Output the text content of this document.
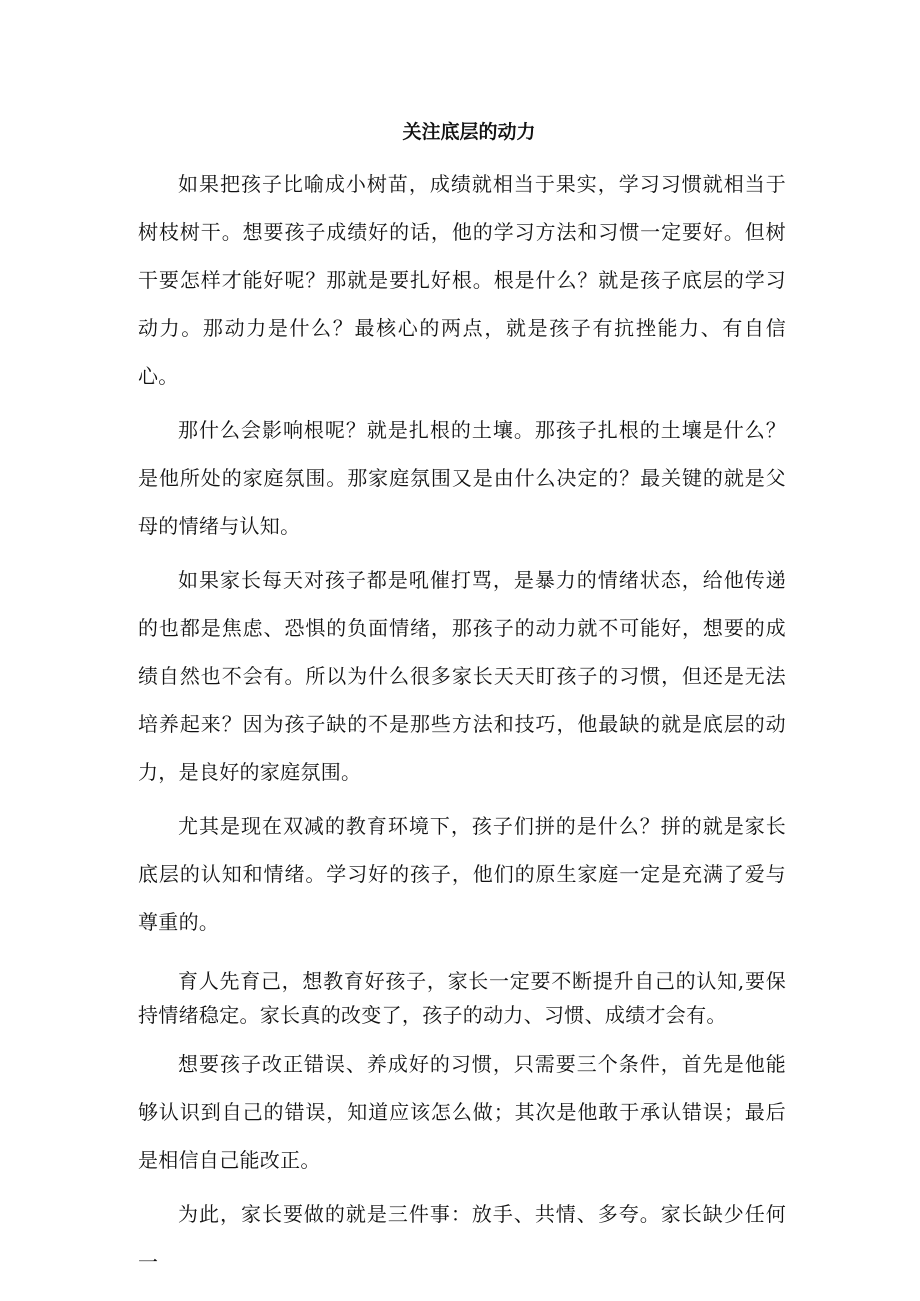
关注底层的动力

如果把孩子比喻成小树苗，成绩就相当于果实，学习习惯就相当于树枝树干。想要孩子成绩好的话，他的学习方法和习惯一定要好。但树干要怎样才能好呢？那就是要扎好根。根是什么？就是孩子底层的学习动力。那动力是什么？最核心的两点，就是孩子有抗挫能力、有自信心。

那什么会影响根呢？就是扎根的土壤。那孩子扎根的土壤是什么？是他所处的家庭氛围。那家庭氛围又是由什么决定的？最关键的就是父母的情绪与认知。

如果家长每天对孩子都是吼催打骂，是暴力的情绪状态，给他传递的也都是焦虑、恐惧的负面情绪，那孩子的动力就不可能好，想要的成绩自然也不会有。所以为什么很多家长天天盯孩子的习惯，但还是无法培养起来？因为孩子缺的不是那些方法和技巧，他最缺的就是底层的动力，是良好的家庭氛围。

尤其是现在双减的教育环境下，孩子们拼的是什么？拼的就是家长底层的认知和情绪。学习好的孩子，他们的原生家庭一定是充满了爱与尊重的。

育人先育己，想教育好孩子，家长一定要不断提升自己的认知,要保持情绪稳定。家长真的改变了，孩子的动力、习惯、成绩才会有。

想要孩子改正错误、养成好的习惯，只需要三个条件，首先是他能够认识到自己的错误，知道应该怎么做；其次是他敢于承认错误；最后是相信自己能改正。

为此，家长要做的就是三件事：放手、共情、多夸。家长缺少任何一
